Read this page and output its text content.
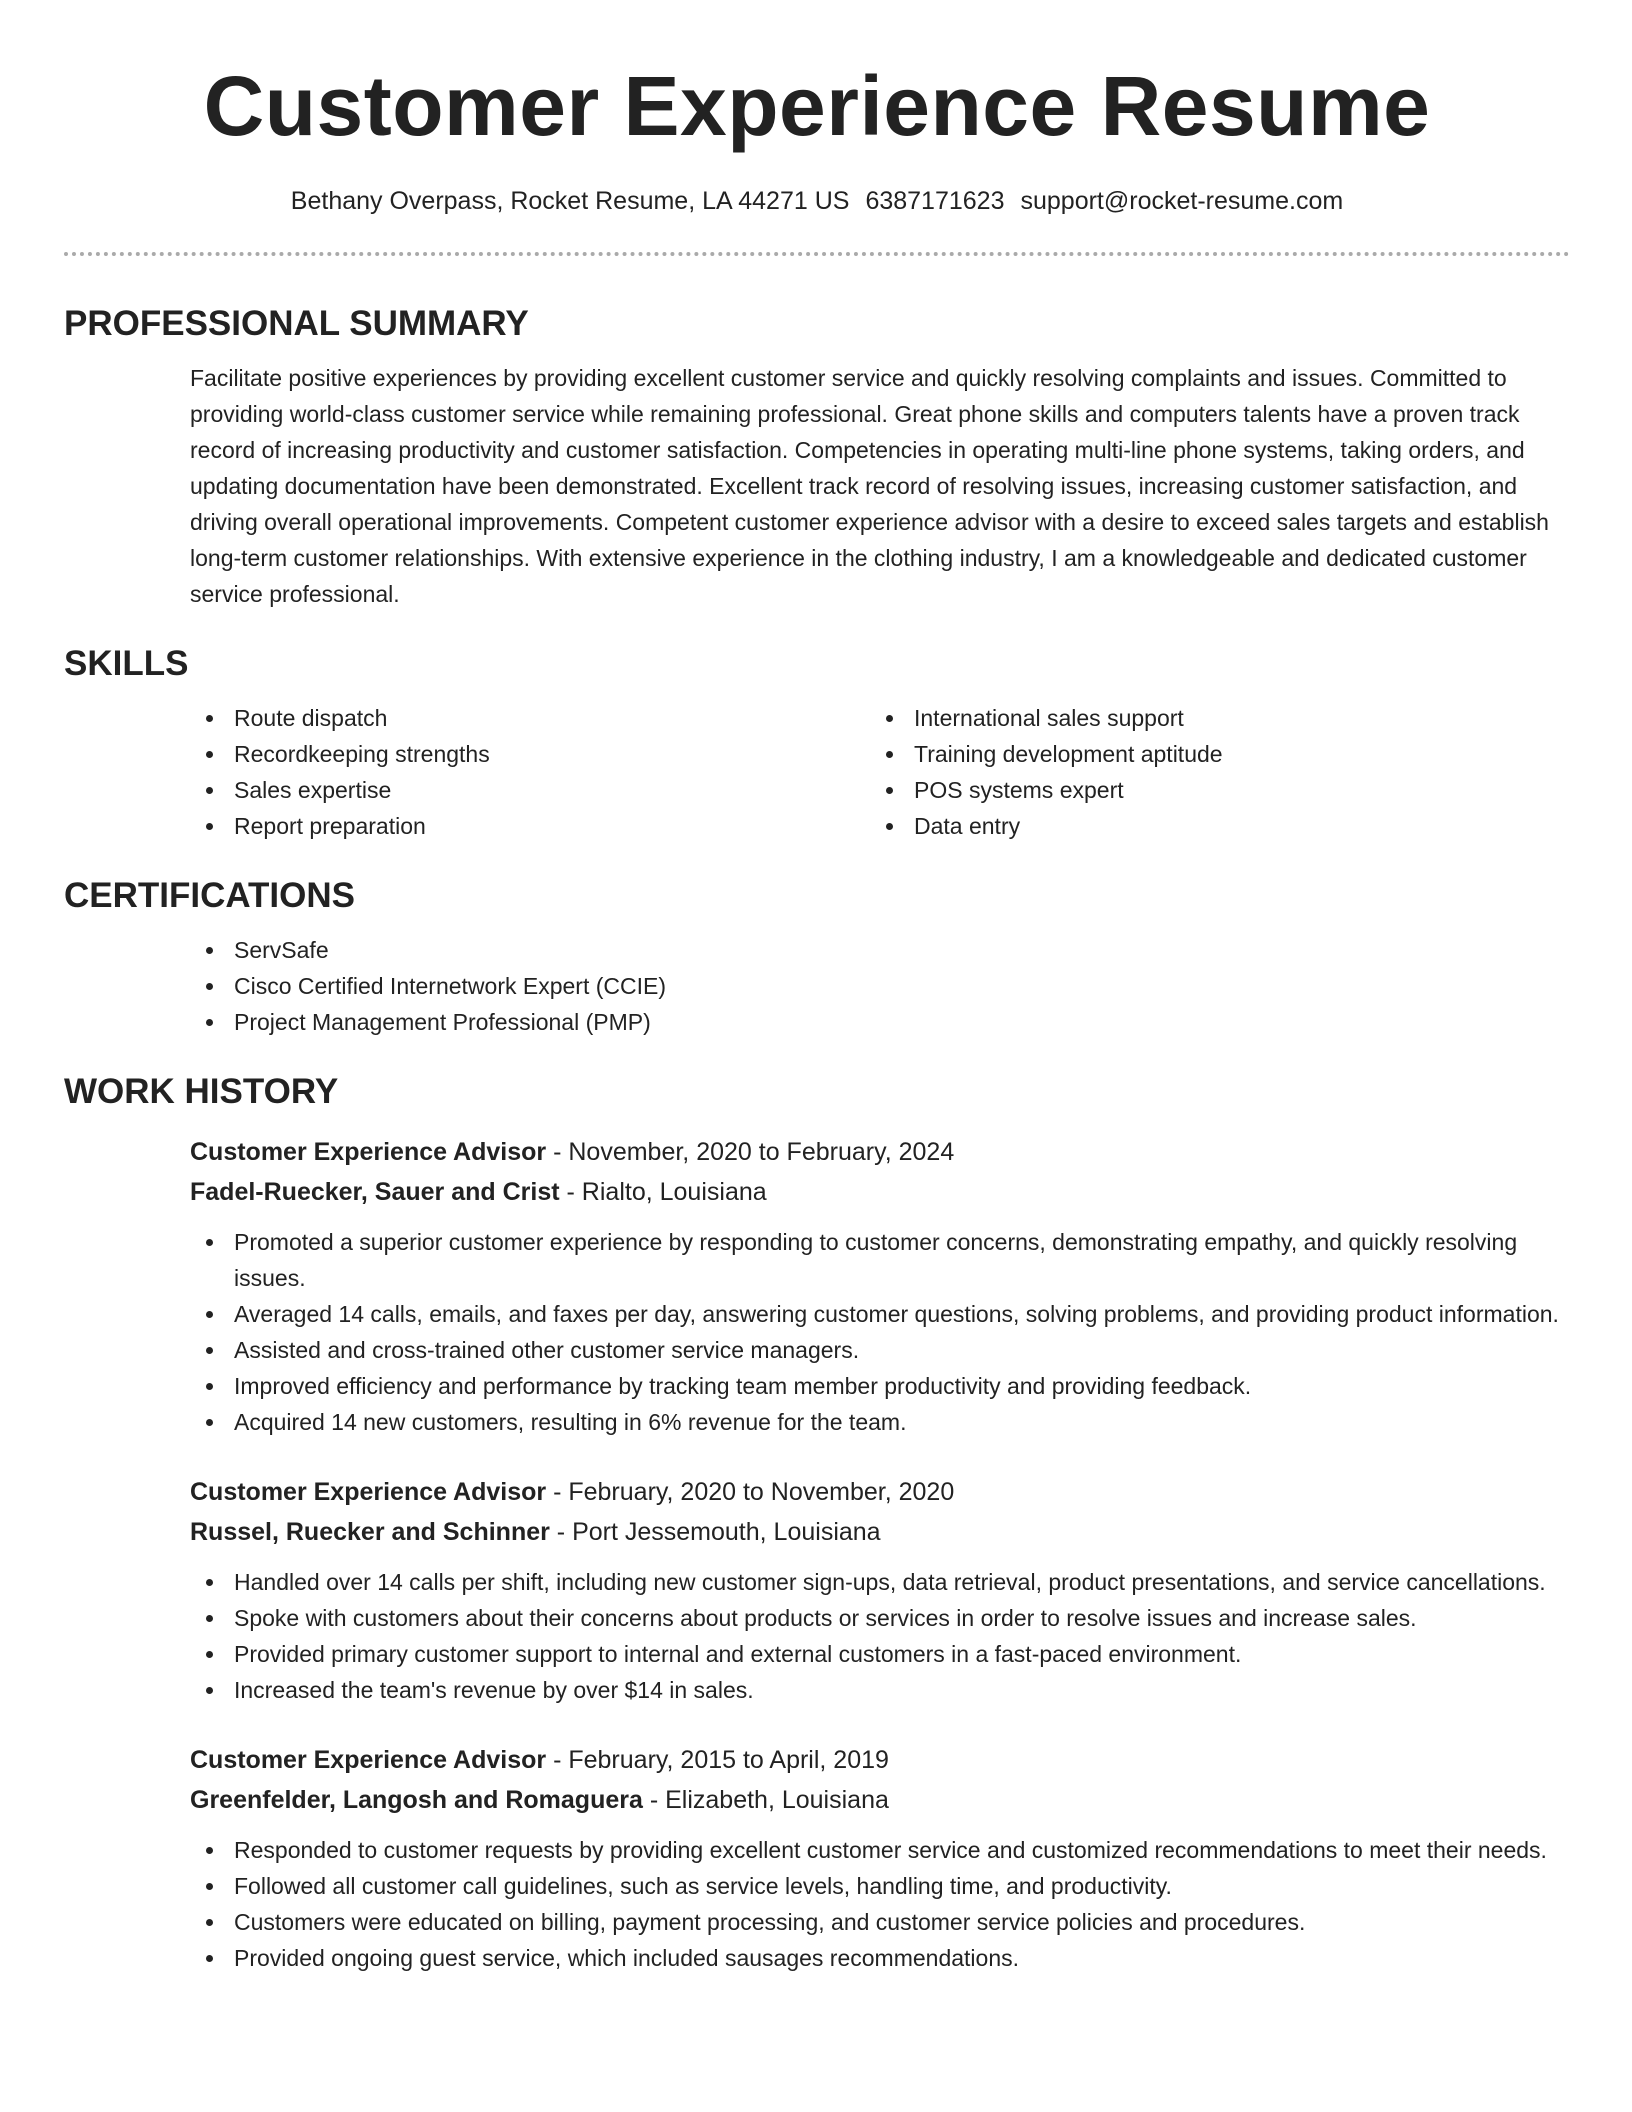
Customer Experience Resume
Bethany Overpass, Rocket Resume, LA 44271 US 6387171623 support@rocket-resume.com
PROFESSIONAL SUMMARY
Facilitate positive experiences by providing excellent customer service and quickly resolving complaints and issues. Committed to providing world-class customer service while remaining professional. Great phone skills and computers talents have a proven track record of increasing productivity and customer satisfaction. Competencies in operating multi-line phone systems, taking orders, and updating documentation have been demonstrated. Excellent track record of resolving issues, increasing customer satisfaction, and driving overall operational improvements. Competent customer experience advisor with a desire to exceed sales targets and establish long-term customer relationships. With extensive experience in the clothing industry, I am a knowledgeable and dedicated customer service professional.
SKILLS
Route dispatch
Recordkeeping strengths
Sales expertise
Report preparation
International sales support
Training development aptitude
POS systems expert
Data entry
CERTIFICATIONS
ServSafe
Cisco Certified Internetwork Expert (CCIE)
Project Management Professional (PMP)
WORK HISTORY
Customer Experience Advisor - November, 2020 to February, 2024
Fadel-Ruecker, Sauer and Crist - Rialto, Louisiana
Promoted a superior customer experience by responding to customer concerns, demonstrating empathy, and quickly resolving issues.
Averaged 14 calls, emails, and faxes per day, answering customer questions, solving problems, and providing product information.
Assisted and cross-trained other customer service managers.
Improved efficiency and performance by tracking team member productivity and providing feedback.
Acquired 14 new customers, resulting in 6% revenue for the team.
Customer Experience Advisor - February, 2020 to November, 2020
Russel, Ruecker and Schinner - Port Jessemouth, Louisiana
Handled over 14 calls per shift, including new customer sign-ups, data retrieval, product presentations, and service cancellations.
Spoke with customers about their concerns about products or services in order to resolve issues and increase sales.
Provided primary customer support to internal and external customers in a fast-paced environment.
Increased the team's revenue by over $14 in sales.
Customer Experience Advisor - February, 2015 to April, 2019
Greenfelder, Langosh and Romaguera - Elizabeth, Louisiana
Responded to customer requests by providing excellent customer service and customized recommendations to meet their needs.
Followed all customer call guidelines, such as service levels, handling time, and productivity.
Customers were educated on billing, payment processing, and customer service policies and procedures.
Provided ongoing guest service, which included sausages recommendations.
